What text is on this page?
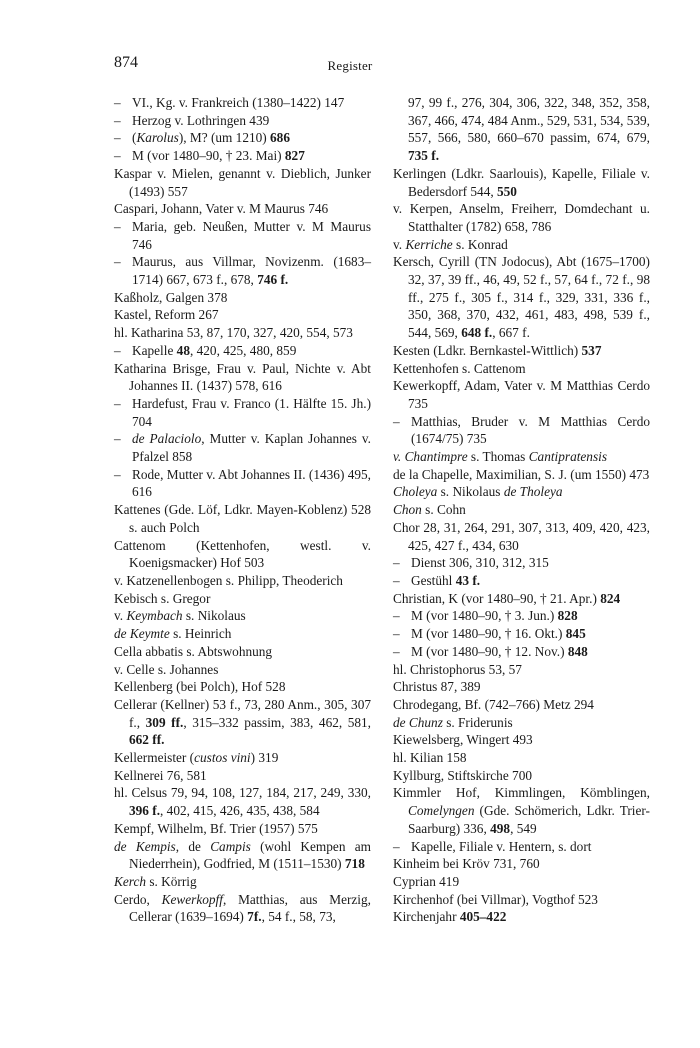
874	Register
– VI., Kg. v. Frankreich (1380–1422) 147
– Herzog v. Lothringen 439
– (Karolus), M? (um 1210) 686
– M (vor 1480–90, † 23. Mai) 827
Kaspar v. Mielen, genannt v. Dieblich, Junker (1493) 557
Caspari, Johann, Vater v. M Maurus 746
– Maria, geb. Neußen, Mutter v. M Maurus 746
– Maurus, aus Villmar, Novizenm. (1683–1714) 667, 673 f., 678, 746 f.
Kaßholz, Galgen 378
Kastel, Reform 267
hl. Katharina 53, 87, 170, 327, 420, 554, 573
– Kapelle 48, 420, 425, 480, 859
Katharina Brisge, Frau v. Paul, Nichte v. Abt Johannes II. (1437) 578, 616
– Hardefust, Frau v. Franco (1. Hälfte 15. Jh.) 704
– de Palaciolo, Mutter v. Kaplan Johannes v. Pfalzel 858
– Rode, Mutter v. Abt Johannes II. (1436) 495, 616
Kattenes (Gde. Löf, Ldkr. Mayen-Koblenz) 528 s. auch Polch
Cattenom (Kettenhofen, westl. v. Koenigsmacker) Hof 503
v. Katzenellenbogen s. Philipp, Theoderich
Kebisch s. Gregor
v. Keymbach s. Nikolaus
de Keymte s. Heinrich
Cella abbatis s. Abtswohnung
v. Celle s. Johannes
Kellenberg (bei Polch), Hof 528
Cellerar (Kellner) 53 f., 73, 280 Anm., 305, 307 f., 309 ff., 315–332 passim, 383, 462, 581, 662 ff.
Kellermeister (custos vini) 319
Kellnerei 76, 581
hl. Celsus 79, 94, 108, 127, 184, 217, 249, 330, 396 f., 402, 415, 426, 435, 438, 584
Kempf, Wilhelm, Bf. Trier (1957) 575
de Kempis, de Campis (wohl Kempen am Niederrhein), Godfried, M (1511–1530) 718
Kerch s. Körrig
Cerdo, Kewerkopff, Matthias, aus Merzig, Cellerar (1639–1694) 7f., 54 f., 58, 73,
97, 99 f., 276, 304, 306, 322, 348, 352, 358, 367, 466, 474, 484 Anm., 529, 531, 534, 539, 557, 566, 580, 660–670 passim, 674, 679, 735 f.
Kerlingen (Ldkr. Saarlouis), Kapelle, Filiale v. Bedersdorf 544, 550
v. Kerpen, Anselm, Freiherr, Domdechant u. Statthalter (1782) 658, 786
v. Kerriche s. Konrad
Kersch, Cyrill (TN Jodocus), Abt (1675–1700) 32, 37, 39 ff., 46, 49, 52 f., 57, 64 f., 72 f., 98 ff., 275 f., 305 f., 314 f., 329, 331, 336 f., 350, 368, 370, 432, 461, 483, 498, 539 f., 544, 569, 648 f., 667 f.
Kesten (Ldkr. Bernkastel-Wittlich) 537
Kettenhofen s. Cattenom
Kewerkopff, Adam, Vater v. M Matthias Cerdo 735
– Matthias, Bruder v. M Matthias Cerdo (1674/75) 735
v. Chantimpre s. Thomas Cantipratensis
de la Chapelle, Maximilian, S. J. (um 1550) 473
Choleya s. Nikolaus de Tholeya
Chon s. Cohn
Chor 28, 31, 264, 291, 307, 313, 409, 420, 423, 425, 427 f., 434, 630
– Dienst 306, 310, 312, 315
– Gestühl 43 f.
Christian, K (vor 1480–90, † 21. Apr.) 824
– M (vor 1480–90, † 3. Jun.) 828
– M (vor 1480–90, † 16. Okt.) 845
– M (vor 1480–90, † 12. Nov.) 848
hl. Christophorus 53, 57
Christus 87, 389
Chrodegang, Bf. (742–766) Metz 294
de Chunz s. Friderunis
Kiewelsberg, Wingert 493
hl. Kilian 158
Kyllburg, Stiftskirche 700
Kimmler Hof, Kimmlingen, Kömblingen, Comelyngen (Gde. Schömerich, Ldkr. Trier-Saarburg) 336, 498, 549
– Kapelle, Filiale v. Hentern, s. dort
Kinheim bei Kröv 731, 760
Cyprian 419
Kirchenhof (bei Villmar), Vogthof 523
Kirchenjahr 405–422
